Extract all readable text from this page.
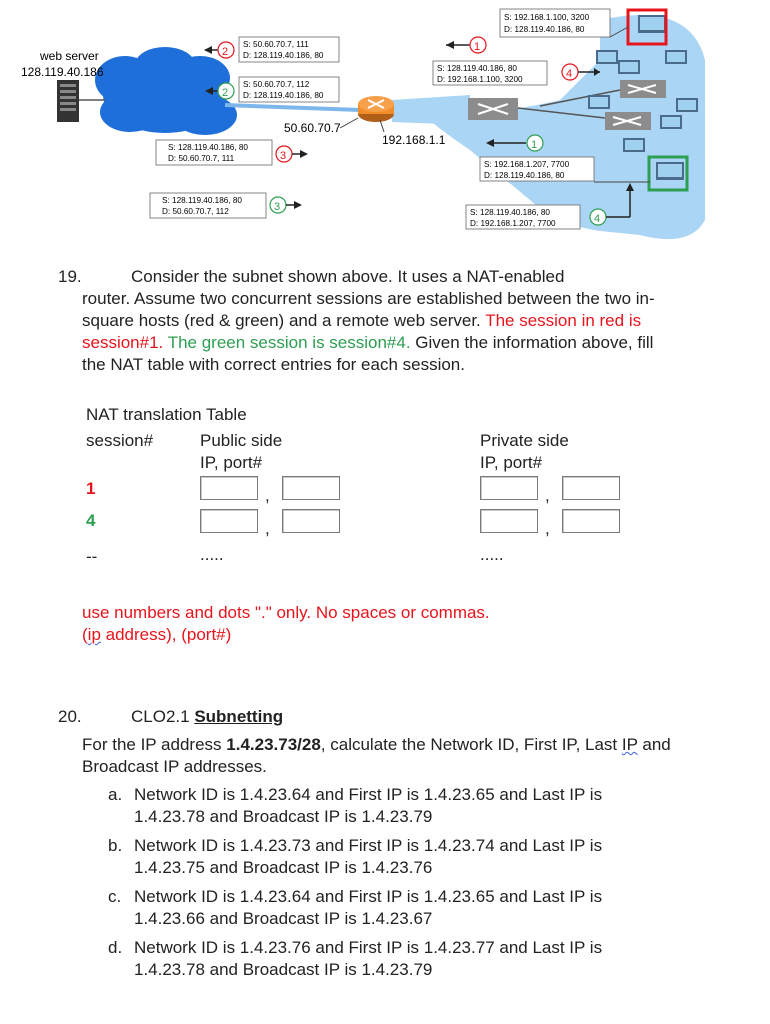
web server
128.119.40.186
50.60.70.7
192.168.1.1
S: 192.168.1.100, 3200
D: 128.119.40.186, 80
1
S: 128.119.40.186, 80
D: 192.168.1.100, 3200	4
2
S: 50.60.70.7, 111
D: 128.119.40.186, 80
2
S: 50.60.70.7, 112
D: 128.119.40.186, 80
S: 128.119.40.186, 80
D: 50.60.70.7, 111	3
S: 128.119.40.186, 80
D: 50.60.70.7, 112	3
1
S: 192.168.1.207, 7700
D: 128.119.40.186, 80
S: 128.119.40.186, 80
D: 192.168.1.207, 7700	4
19.	Consider the subnet shown above. It uses a NAT-enabled
router. Assume two concurrent sessions are established between the two in-
square hosts (red & green) and a remote web server. The session in red is
session#1. The green session is session#4. Given the information above, fill
the NAT table with correct entries for each session.
NAT translation Table
session#	Public side
IP, port#
Private side
IP, port#
1	,	,
4	,	,
--	.....	.....
use numbers and dots "." only. No spaces or commas.
(ip address), (port#)
20.	CLO2.1 Subnetting
For the IP address 1.4.23.73/28, calculate the Network ID, First IP, Last IP and
Broadcast IP addresses.
a. Network ID is 1.4.23.64 and First IP is 1.4.23.65 and Last IP is
1.4.23.78 and Broadcast IP is 1.4.23.79
b. Network ID is 1.4.23.73 and First IP is 1.4.23.74 and Last IP is
1.4.23.75 and Broadcast IP is 1.4.23.76
c. Network ID is 1.4.23.64 and First IP is 1.4.23.65 and Last IP is
1.4.23.66 and Broadcast IP is 1.4.23.67
d. Network ID is 1.4.23.76 and First IP is 1.4.23.77 and Last IP is
1.4.23.78 and Broadcast IP is 1.4.23.79
